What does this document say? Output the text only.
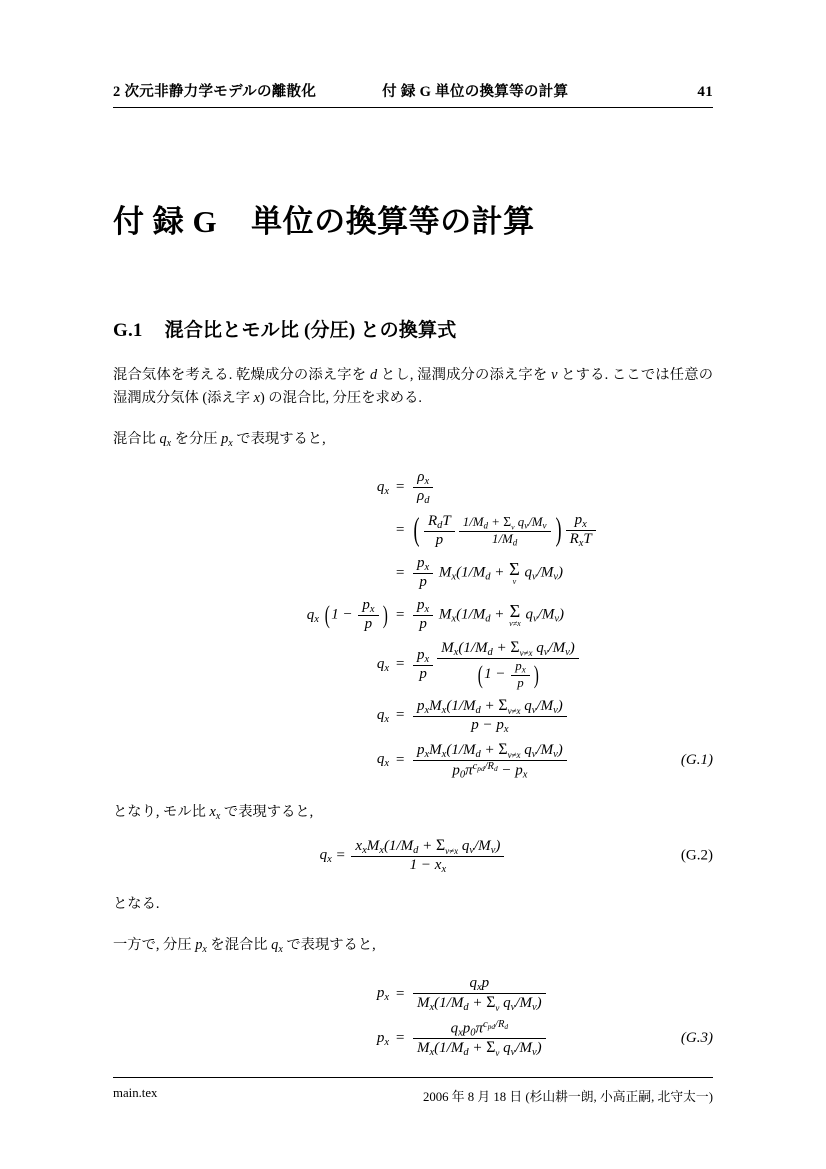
2 次元非静力学モデルの離散化	付 録 G 単位の換算等の計算	41
付 録 G 単位の換算等の計算
G.1 混合比とモル比 (分圧) との換算式

混合気体を考える. 乾燥成分の添え字を d とし, 湿潤成分の添え字を v とする. ここでは任意の湿潤成分気体 (添え字 x) の混合比, 分圧を求める.

混合比 $q_x$ を分圧 $p_x$ で表現すると,

$q_x$	=	$\frac{\rho_x}{\rho_d}$

	=	( $\frac{R_dT}{p} \frac{1/M_d + \Sigma_v q_v/M_v}{1/M_d}$ ) $\frac{p_x}{R_xT}$

	=	$\frac{p_x}{p} M_x(1/M_d + \Sigma$
v
$q_v/M_v$)	
$q_x$ ( $1 - \frac{p_x}{p}$ )	=	$\frac{p_x}{p} M_x(1/M_d + \Sigma$
v≠x
$q_v/M_v$)	
$q_x$	=	$\frac{p_x}{p} \frac{M_x(1/M_d + \Sigma_{v\ne x} q_v/M_v)}{( 1 - \frac{p_x}{p} )}$

$q_x$	=	$\frac{p_xM_x(1/M_d + \Sigma_{v\ne x} q_v/M_v)}{p - p_x}$

$q_x$	=	$\frac{p_xM_x(1/M_d + \Sigma_{v\ne x} q_v/M_v)}{p_0\pi^{c_{pd}/R_d} - p_x}$	(G.1)

となり, モル比 $x_x$ で表現すると,

$q_x = \frac{x_xM_x(1/M_d + \Sigma_{v\ne x} q_v/M_v)}{1 - x_x}$	(G.2)

となる.

一方で, 分圧 $p_x$ を混合比 $q_x$ で表現すると,

$p_x$	=	$\frac{q_xp}{M_x(1/M_d + \Sigma_v q_v/M_v)}$

$p_x$	=	$\frac{q_xp_0\pi^{c_{pd}/R_d}}{M_x(1/M_d + \Sigma_v q_v/M_v)}$	(G.3)
main.tex	2006 年 8 月 18 日 (杉山耕一朗, 小高正嗣, 北守太一)
